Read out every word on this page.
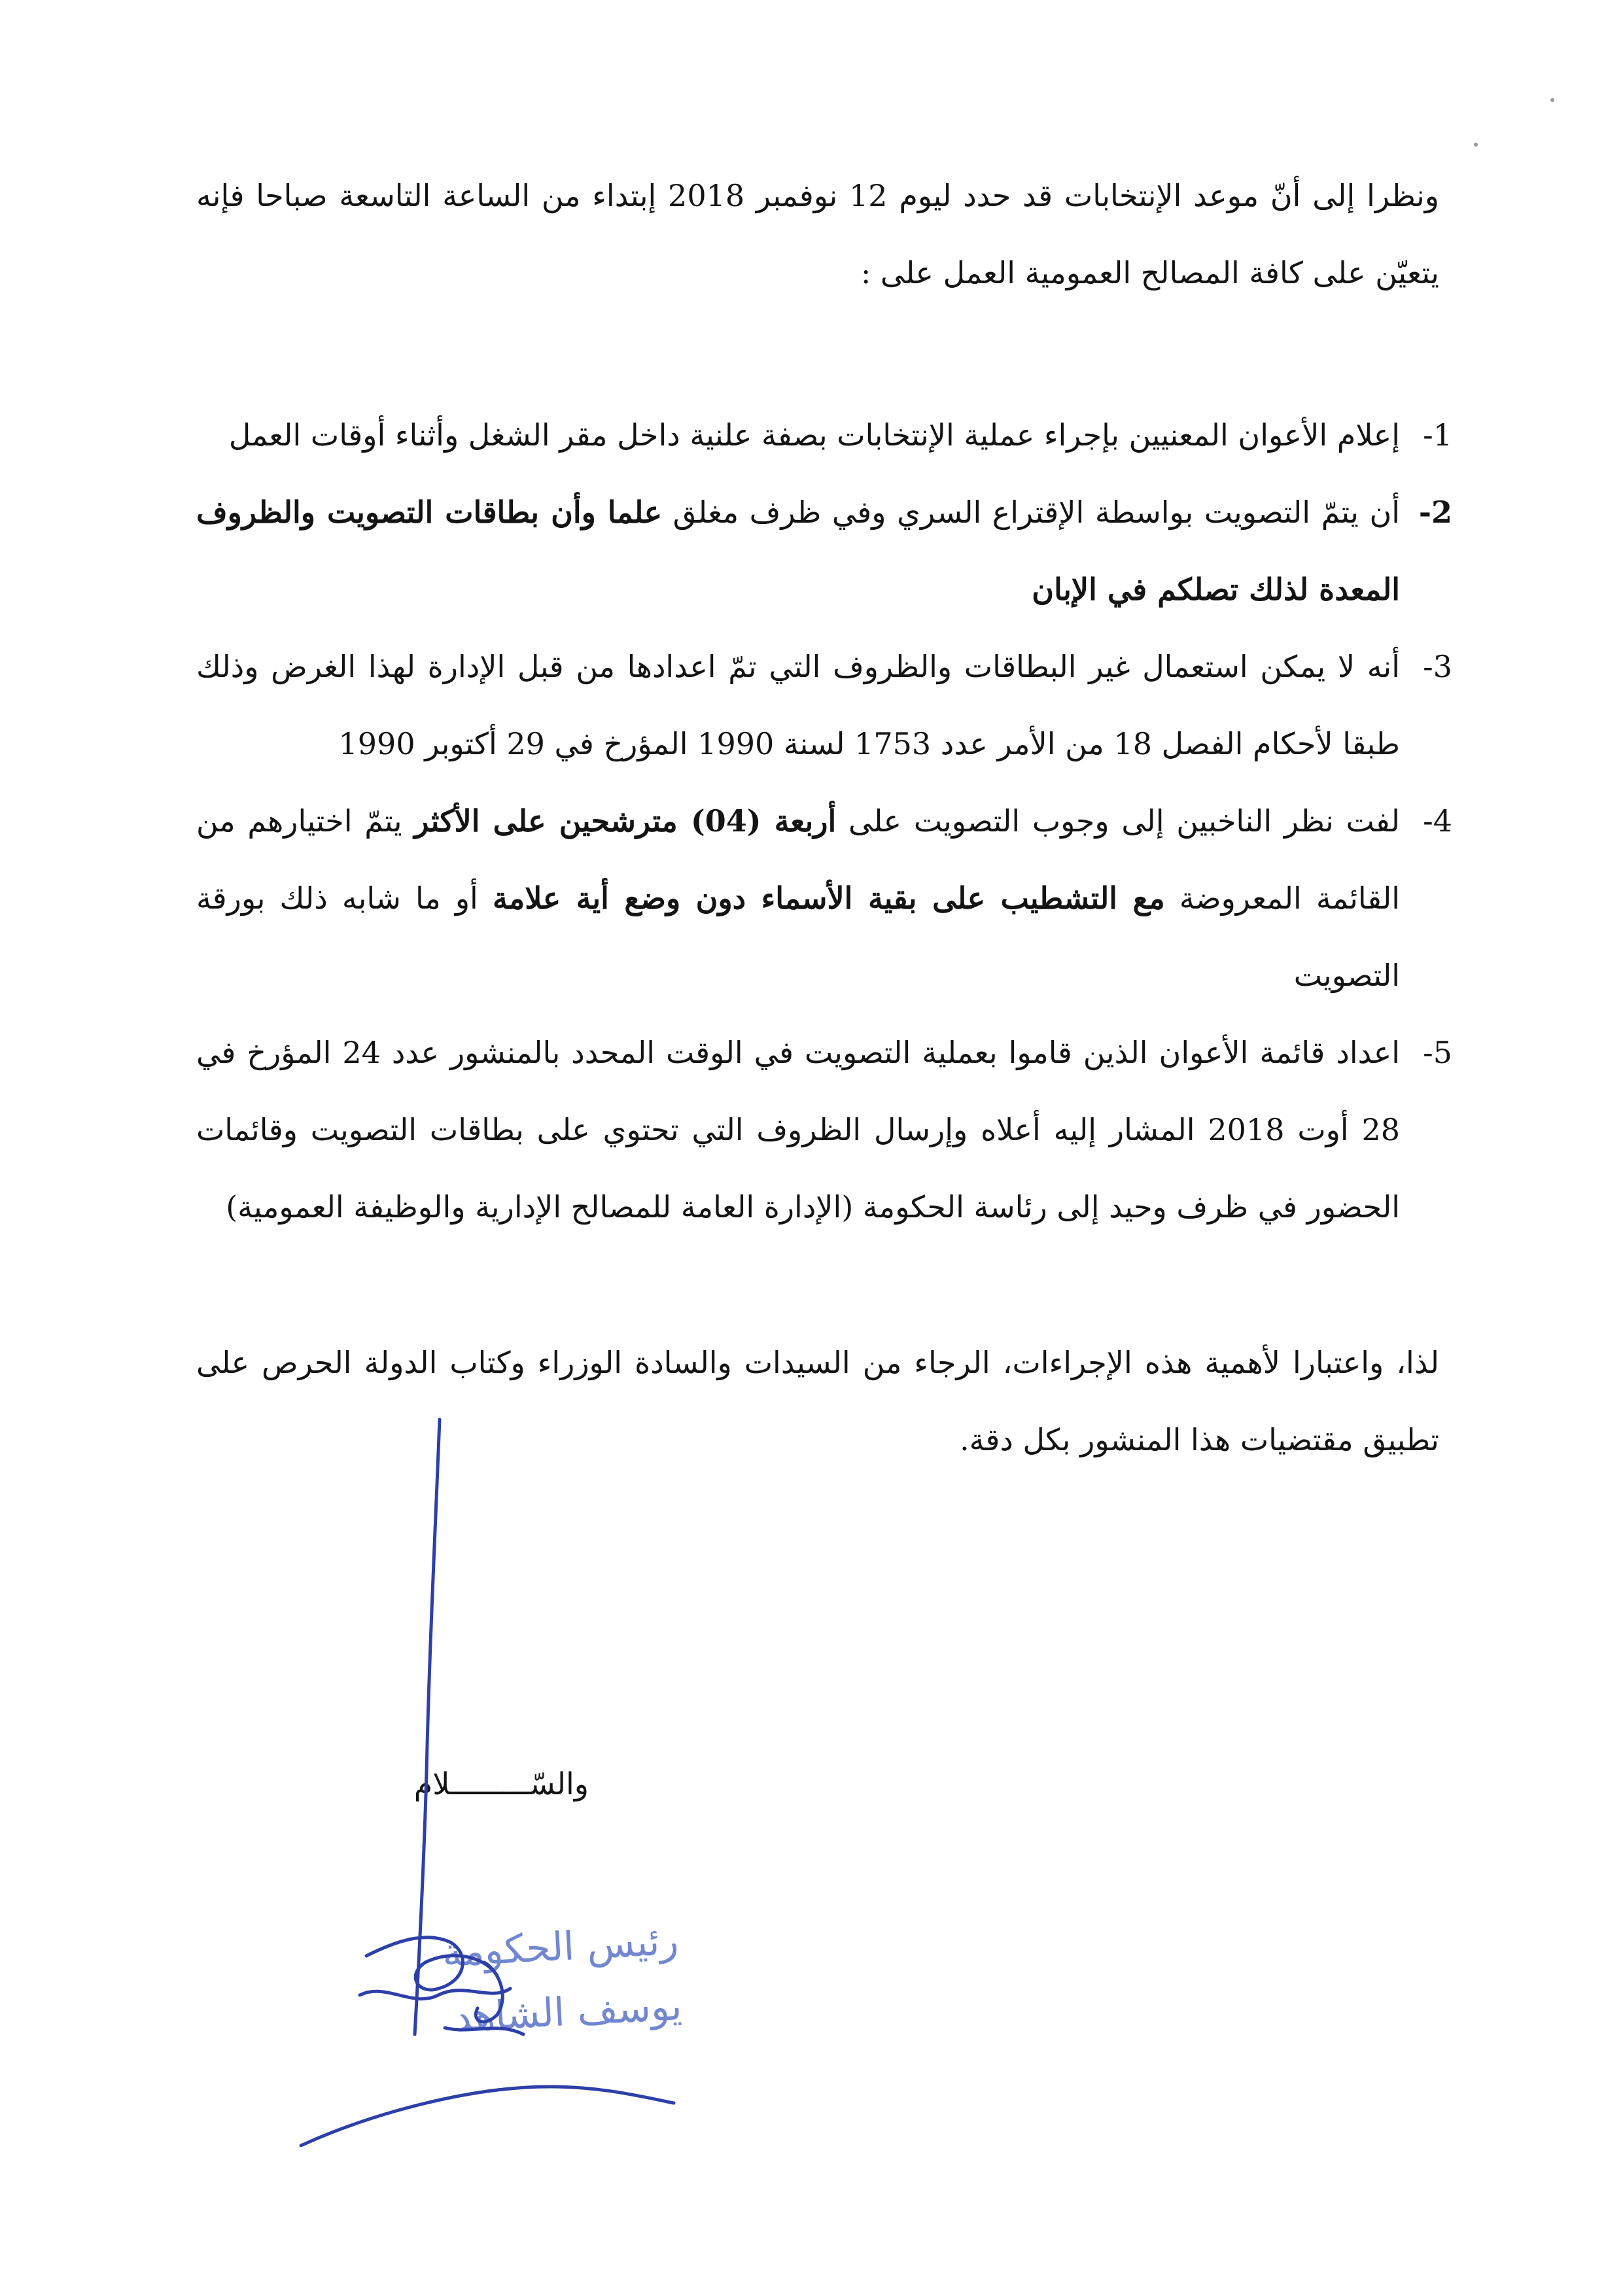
ونظرا إلى أنّ موعد الإنتخابات قد حدد ليوم 12 نوفمبر 2018 إبتداء من الساعة التاسعة صباحا فإنه يتعيّن على كافة المصالح العمومية العمل على :

1-
إعلام الأعوان المعنيين بإجراء عملية الإنتخابات بصفة علنية داخل مقر الشغل وأثناء أوقات العمل

2-
أن يتمّ التصويت بواسطة الإقتراع السري وفي ظرف مغلق علما وأن بطاقات التصويت والظروف المعدة لذلك تصلكم في الإبان

3-
أنه لا يمكن استعمال غير البطاقات والظروف التي تمّ اعدادها من قبل الإدارة لهذا الغرض وذلك طبقا لأحكام الفصل 18 من الأمر عدد 1753 لسنة 1990 المؤرخ في 29 أكتوبر 1990

4-
لفت نظر الناخبين إلى وجوب التصويت على أربعة (04) مترشحين على الأكثر يتمّ اختيارهم من القائمة المعروضة مع التشطيب على بقية الأسماء دون وضع أية علامة أو ما شابه ذلك بورقة التصويت

5-
اعداد قائمة الأعوان الذين قاموا بعملية التصويت في الوقت المحدد بالمنشور عدد 24 المؤرخ في 28 أوت 2018 المشار إليه أعلاه وإرسال الظروف التي تحتوي على بطاقات التصويت وقائمات الحضور في ظرف وحيد إلى رئاسة الحكومة (الإدارة العامة للمصالح الإدارية والوظيفة العمومية)

لذا، واعتبارا لأهمية هذه الإجراءات، الرجاء من السيدات والسادة الوزراء وكتاب الدولة الحرص على تطبيق مقتضيات هذا المنشور بكل دقة.

والسّـــــــــلام
رئيس الحكومة
يوسف الشاهد
